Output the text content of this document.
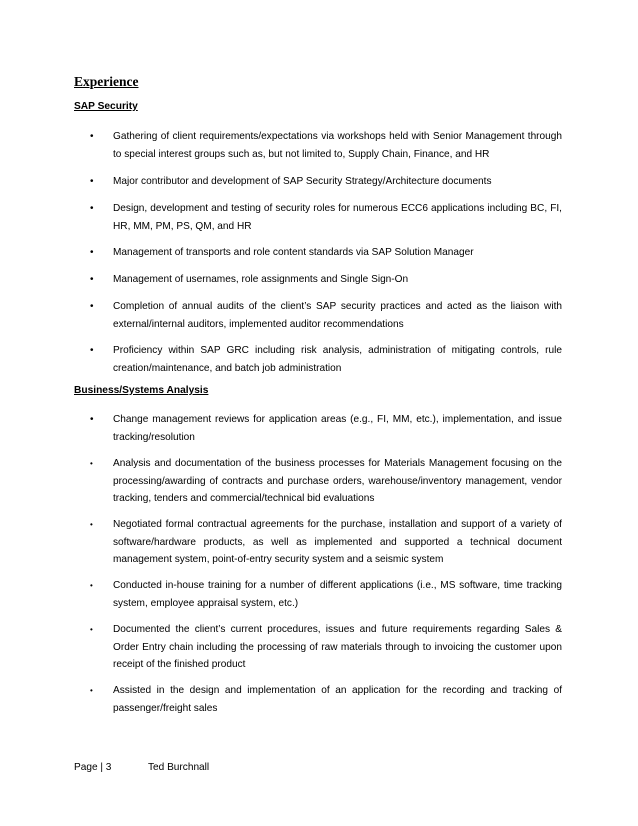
Experience
SAP Security
• Gathering of client requirements/expectations via workshops held with Senior Management through to special interest groups such as, but not limited to, Supply Chain, Finance, and HR
• Major contributor and development of SAP Security Strategy/Architecture documents
• Design, development and testing of security roles for numerous ECC6 applications including BC, FI, HR, MM, PM, PS, QM, and HR
• Management of transports and role content standards via SAP Solution Manager
• Management of usernames, role assignments and Single Sign-On
• Completion of annual audits of the client’s SAP security practices and acted as the liaison with external/internal auditors, implemented auditor recommendations
• Proficiency within SAP GRC including risk analysis, administration of mitigating controls, rule creation/maintenance, and batch job administration
Business/Systems Analysis
• Change management reviews for application areas (e.g., FI, MM, etc.), implementation, and issue tracking/resolution
• Analysis and documentation of the business processes for Materials Management focusing on the processing/awarding of contracts and purchase orders, warehouse/inventory management, vendor tracking, tenders and commercial/technical bid evaluations
• Negotiated formal contractual agreements for the purchase, installation and support of a variety of software/hardware products, as well as implemented and supported a technical document management system, point-of-entry security system and a seismic system
• Conducted in-house training for a number of different applications (i.e., MS software, time tracking system, employee appraisal system, etc.)
• Documented the client’s current procedures, issues and future requirements regarding Sales & Order Entry chain including the processing of raw materials through to invoicing the customer upon receipt of the finished product
• Assisted in the design and implementation of an application for the recording and tracking of passenger/freight sales
Page | 3	Ted Burchnall
